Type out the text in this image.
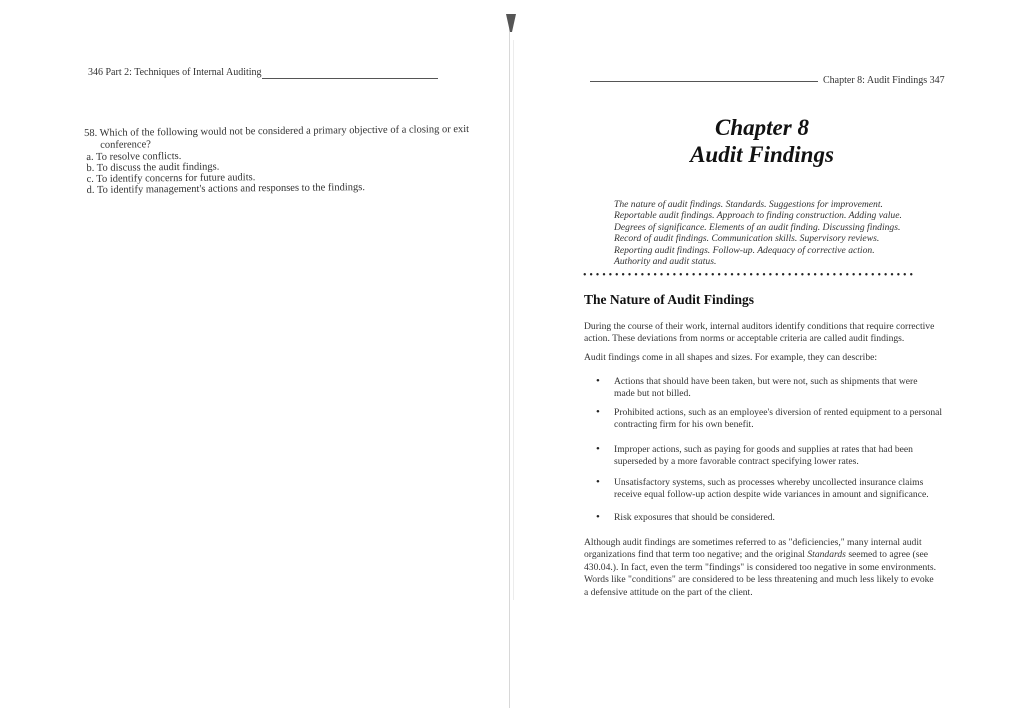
346 Part 2: Techniques of Internal Auditing
58. Which of the following would not be considered a primary objective of a closing or exit
conference?
a. To resolve conflicts.
b. To discuss the audit findings.
c. To identify concerns for future audits.
d. To identify management's actions and responses to the findings.
Chapter 8: Audit Findings 347
Chapter 8
Audit Findings
The nature of audit findings. Standards. Suggestions for improvement.
Reportable audit findings. Approach to finding construction. Adding value.
Degrees of significance. Elements of an audit finding. Discussing findings.
Record of audit findings. Communication skills. Supervisory reviews.
Reporting audit findings. Follow-up. Adequacy of corrective action.
Authority and audit status.
••••••••••••••••••••••••••••••••••••••••••••••••••••
The Nature of Audit Findings
During the course of their work, internal auditors identify conditions that require corrective
action. These deviations from norms or acceptable criteria are called audit findings.
Audit findings come in all shapes and sizes. For example, they can describe:
• Actions that should have been taken, but were not, such as shipments that were
made but not billed.
• Prohibited actions, such as an employee's diversion of rented equipment to a personal
contracting firm for his own benefit.
• Improper actions, such as paying for goods and supplies at rates that had been
superseded by a more favorable contract specifying lower rates.
• Unsatisfactory systems, such as processes whereby uncollected insurance claims
receive equal follow-up action despite wide variances in amount and significance.
• Risk exposures that should be considered.
Although audit findings are sometimes referred to as "deficiencies," many internal audit
organizations find that term too negative; and the original Standards seemed to agree (see
430.04.). In fact, even the term "findings" is considered too negative in some environments.
Words like "conditions" are considered to be less threatening and much less likely to evoke
a defensive attitude on the part of the client.
